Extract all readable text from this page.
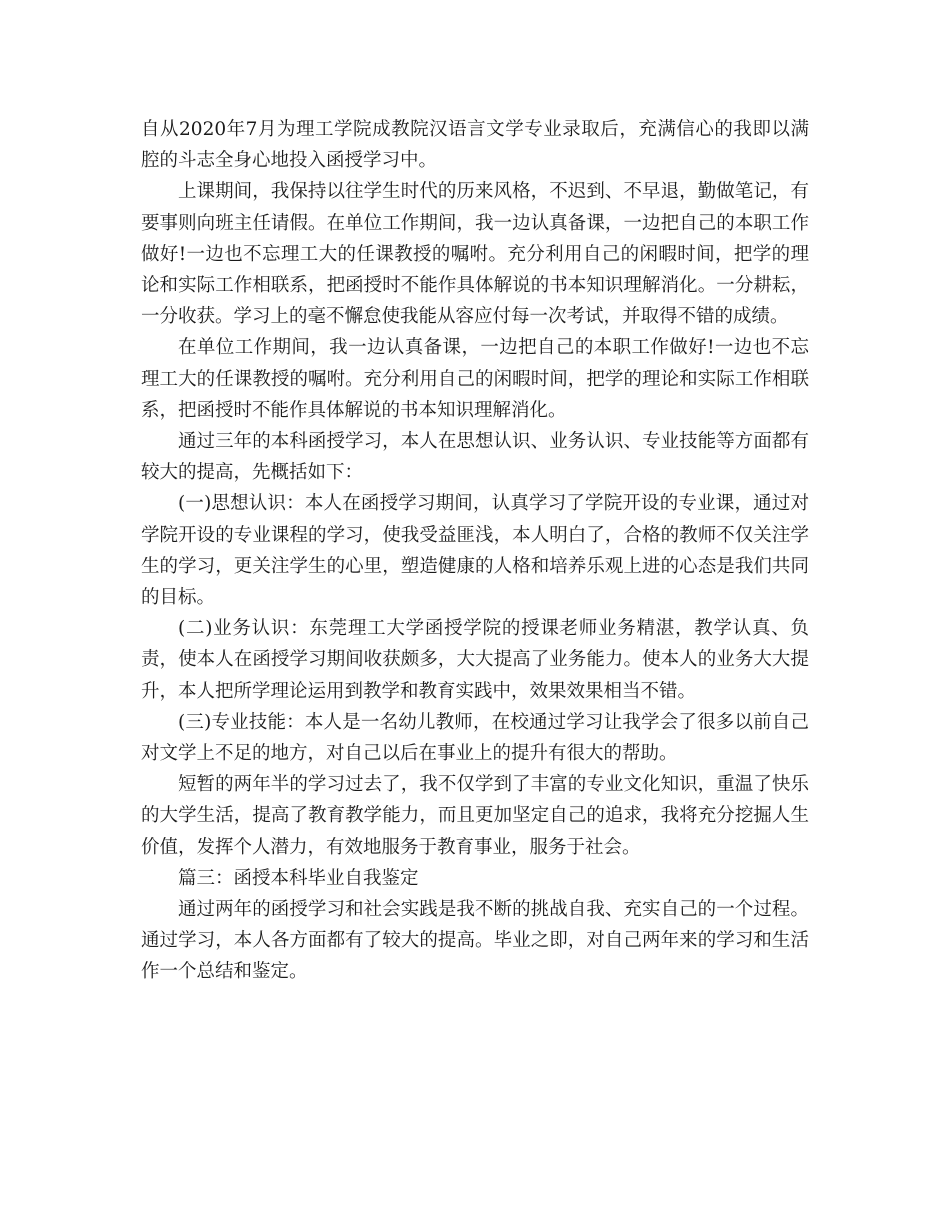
自从2020年7月为理工学院成教院汉语言文学专业录取后，充满信心的我即以满腔的斗志全身心地投入函授学习中。

上课期间，我保持以往学生时代的历来风格，不迟到、不早退，勤做笔记，有要事则向班主任请假。在单位工作期间，我一边认真备课，一边把自己的本职工作做好!一边也不忘理工大的任课教授的嘱咐。充分利用自己的闲暇时间，把学的理论和实际工作相联系，把函授时不能作具体解说的书本知识理解消化。一分耕耘，一分收获。学习上的毫不懈怠使我能从容应付每一次考试，并取得不错的成绩。

在单位工作期间，我一边认真备课，一边把自己的本职工作做好!一边也不忘理工大的任课教授的嘱咐。充分利用自己的闲暇时间，把学的理论和实际工作相联系，把函授时不能作具体解说的书本知识理解消化。

通过三年的本科函授学习，本人在思想认识、业务认识、专业技能等方面都有较大的提高，先概括如下：

(一)思想认识：本人在函授学习期间，认真学习了学院开设的专业课，通过对学院开设的专业课程的学习，使我受益匪浅，本人明白了，合格的教师不仅关注学生的学习，更关注学生的心里，塑造健康的人格和培养乐观上进的心态是我们共同的目标。

(二)业务认识：东莞理工大学函授学院的授课老师业务精湛，教学认真、负责，使本人在函授学习期间收获颇多，大大提高了业务能力。使本人的业务大大提升，本人把所学理论运用到教学和教育实践中，效果效果相当不错。

(三)专业技能：本人是一名幼儿教师，在校通过学习让我学会了很多以前自己对文学上不足的地方，对自己以后在事业上的提升有很大的帮助。

短暂的两年半的学习过去了，我不仅学到了丰富的专业文化知识，重温了快乐的大学生活，提高了教育教学能力，而且更加坚定自己的追求，我将充分挖掘人生价值，发挥个人潜力，有效地服务于教育事业，服务于社会。

篇三：函授本科毕业自我鉴定

通过两年的函授学习和社会实践是我不断的挑战自我、充实自己的一个过程。通过学习，本人各方面都有了较大的提高。毕业之即，对自己两年来的学习和生活作一个总结和鉴定。
